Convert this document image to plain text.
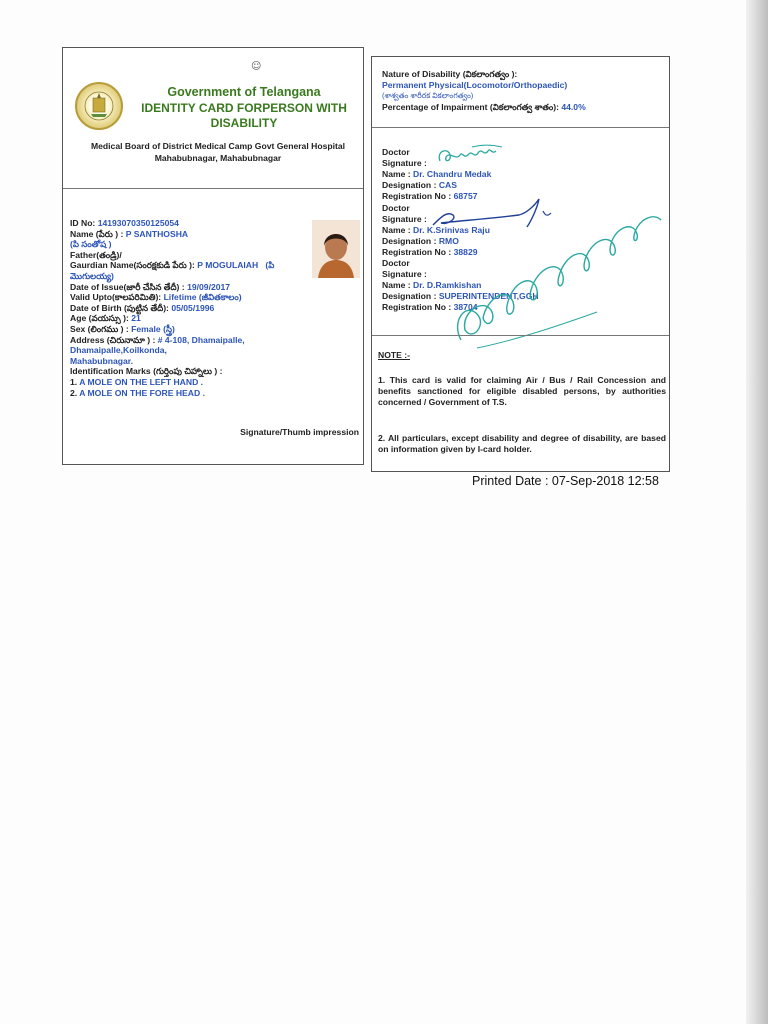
☺
Government of Telangana
IDENTITY CARD FORPERSON WITH DISABILITY
Medical Board of District Medical Camp Govt General Hospital Mahabubnagar, Mahabubnagar
ID No: 14193070350125054
Name (పేరు ) : P SANTHOSHA
(పి సంతోష )
Father(తండ్రి)/
Gaurdian Name(సంరక్షకుడి పేరు ): P MOGULAIAH (పి
మొగులయ్య)
Date of Issue(జారీ చేసిన తేదీ) : 19/09/2017
Valid Upto(కాలపరిమితి): Lifetime (జీవితకాలం)
Date of Birth (పుట్టిన తేదీ): 05/05/1996
Age (వయస్సు ): 21
Sex (లింగము ) : Female (స్త్రీ)
Address (చిరునామా ) : # 4-108, Dhamaipalle,
Dhamaipalle,Koilkonda,
Mahabubnagar.
Identification Marks (గుర్తింపు చిహ్నాలు ) :
1. A MOLE ON THE LEFT HAND .
2. A MOLE ON THE FORE HEAD .
Signature/Thumb impression
Nature of Disability (వికలాంగత్వం ):
Permanent Physical(Locomotor/Orthopaedic)
(శాశ్వతం శారీరక వికలాంగత్వం)
Percentage of Impairment (వికలాంగత్వ శాతం): 44.0%
Doctor
Signature :
Name : Dr. Chandru Medak
Designation : CAS
Registration No : 68757
Doctor
Signature :
Name : Dr. K.Srinivas Raju
Designation : RMO
Registration No : 38829
Doctor
Signature :
Name : Dr. D.Ramkishan
Designation : SUPERINTENDENT,GGH
Registration No : 38704
NOTE :-
1. This card is valid for claiming Air / Bus / Rail Concession and benefits sanctioned for eligible disabled persons, by authorities concerned / Government of T.S.
2. All particulars, except disability and degree of disability, are based on information given by I-card holder.
Printed Date : 07-Sep-2018 12:58
